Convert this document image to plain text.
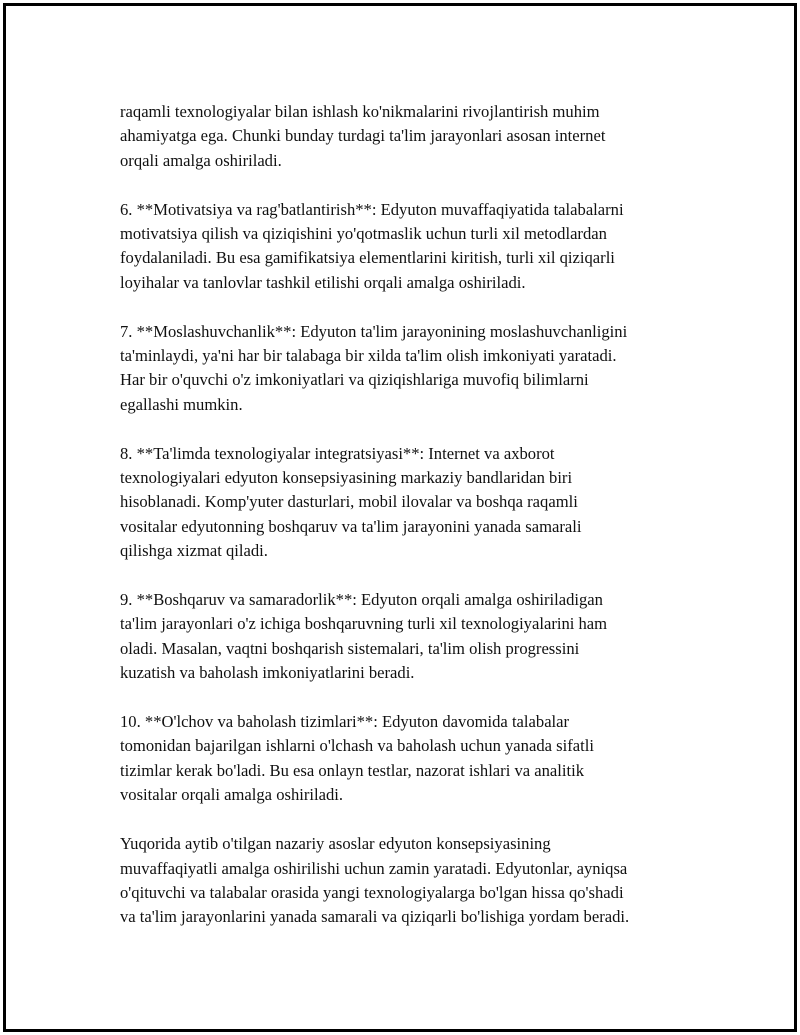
raqamli texnologiyalar bilan ishlash ko'nikmalarini rivojlantirish muhim
ahamiyatga ega. Chunki bunday turdagi ta'lim jarayonlari asosan internet
orqali amalga oshiriladi.

6. **Motivatsiya va rag'batlantirish**: Edyuton muvaffaqiyatida talabalarni
motivatsiya qilish va qiziqishini yo'qotmaslik uchun turli xil metodlardan
foydalaniladi. Bu esa gamifikatsiya elementlarini kiritish, turli xil qiziqarli
loyihalar va tanlovlar tashkil etilishi orqali amalga oshiriladi.

7. **Moslashuvchanlik**: Edyuton ta'lim jarayonining moslashuvchanligini
ta'minlaydi, ya'ni har bir talabaga bir xilda ta'lim olish imkoniyati yaratadi.
Har bir o'quvchi o'z imkoniyatlari va qiziqishlariga muvofiq bilimlarni
egallashi mumkin.

8. **Ta'limda texnologiyalar integratsiyasi**: Internet va axborot
texnologiyalari edyuton konsepsiyasining markaziy bandlaridan biri
hisoblanadi. Komp'yuter dasturlari, mobil ilovalar va boshqa raqamli
vositalar edyutonning boshqaruv va ta'lim jarayonini yanada samarali
qilishga xizmat qiladi.

9. **Boshqaruv va samaradorlik**: Edyuton orqali amalga oshiriladigan
ta'lim jarayonlari o'z ichiga boshqaruvning turli xil texnologiyalarini ham
oladi. Masalan, vaqtni boshqarish sistemalari, ta'lim olish progressini
kuzatish va baholash imkoniyatlarini beradi.

10. **O'lchov va baholash tizimlari**: Edyuton davomida talabalar
tomonidan bajarilgan ishlarni o'lchash va baholash uchun yanada sifatli
tizimlar kerak bo'ladi. Bu esa onlayn testlar, nazorat ishlari va analitik
vositalar orqali amalga oshiriladi.

Yuqorida aytib o'tilgan nazariy asoslar edyuton konsepsiyasining
muvaffaqiyatli amalga oshirilishi uchun zamin yaratadi. Edyutonlar, ayniqsa
o'qituvchi va talabalar orasida yangi texnologiyalarga bo'lgan hissa qo'shadi
va ta'lim jarayonlarini yanada samarali va qiziqarli bo'lishiga yordam beradi.
